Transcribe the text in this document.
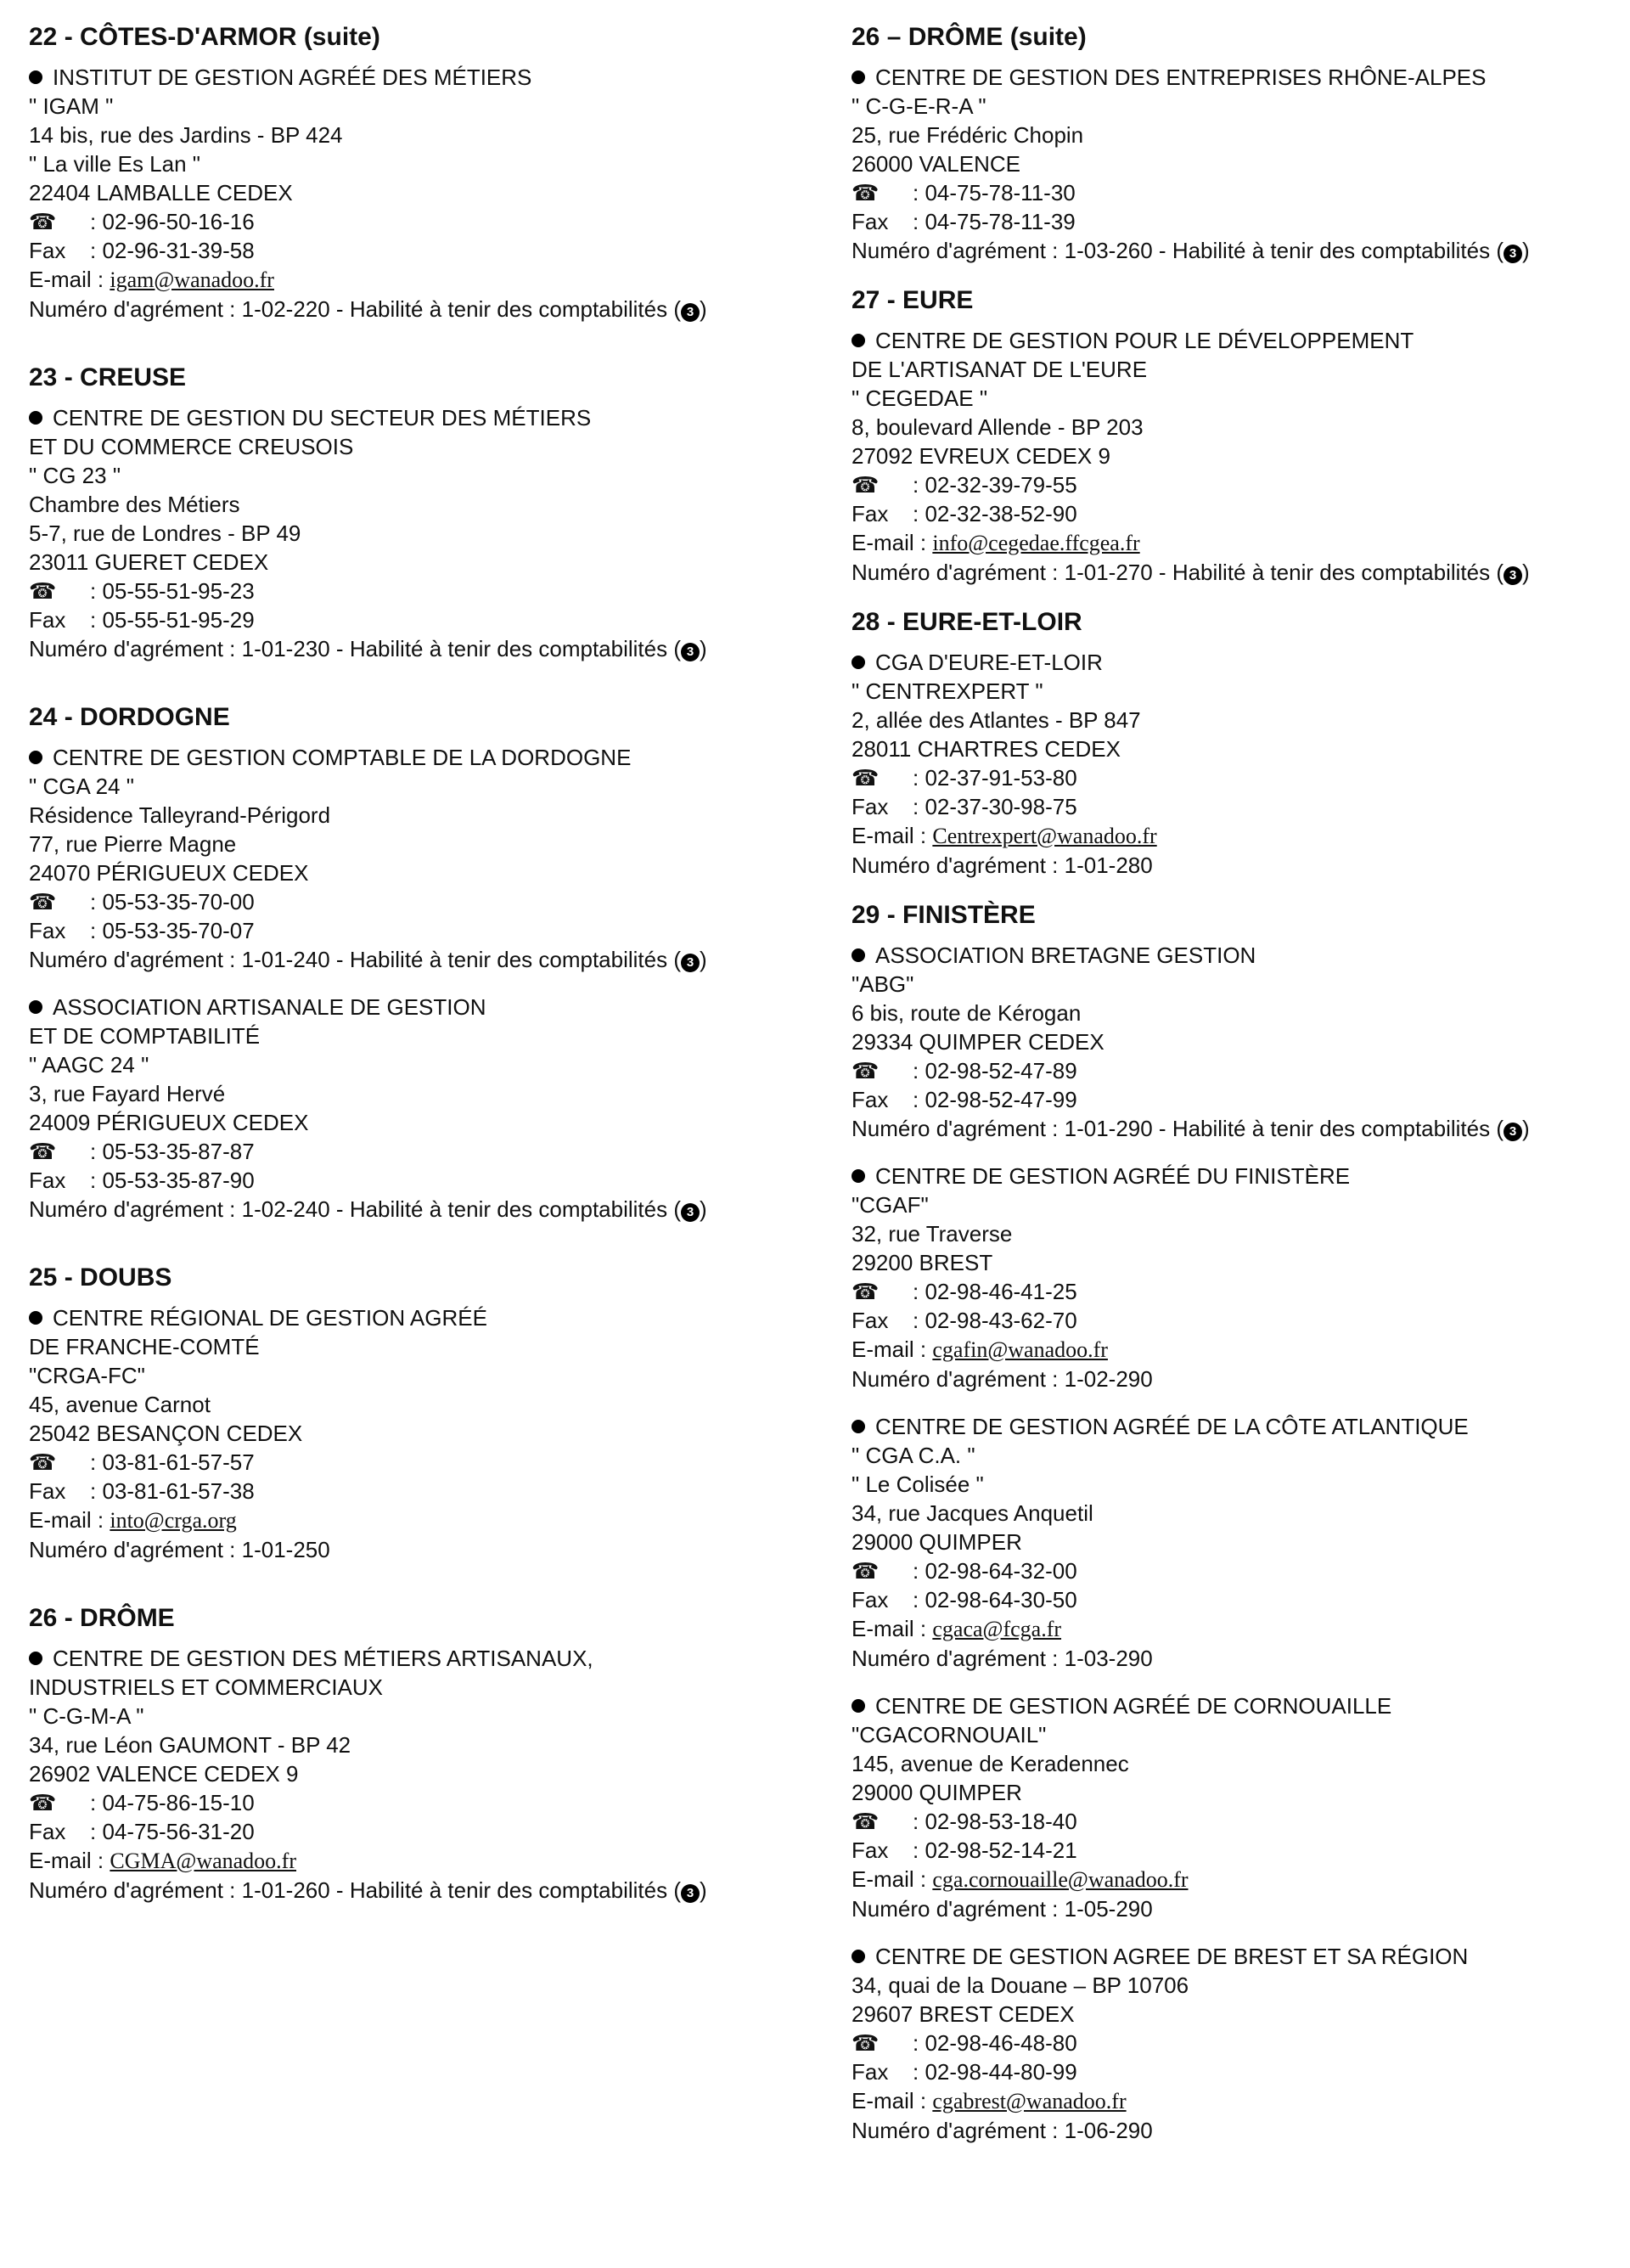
22 - CÔTES-D'ARMOR (suite)
INSTITUT DE GESTION AGRÉÉ DES MÉTIERS
" IGAM "
14 bis, rue des Jardins - BP 424
" La ville Es Lan "
22404 LAMBALLE CEDEX
☎ : 02-96-50-16-16
Fax : 02-96-31-39-58
E-mail : igam@wanadoo.fr
Numéro d'agrément : 1-02-220 - Habilité à tenir des comptabilités ( 3 )
23 - CREUSE
CENTRE DE GESTION DU SECTEUR DES MÉTIERS
ET DU COMMERCE CREUSOIS
" CG 23 "
Chambre des Métiers
5-7, rue de Londres - BP 49
23011 GUERET CEDEX
☎ : 05-55-51-95-23
Fax : 05-55-51-95-29
Numéro d'agrément : 1-01-230 - Habilité à tenir des comptabilités ( 3 )
24 - DORDOGNE
CENTRE DE GESTION COMPTABLE DE LA DORDOGNE
" CGA 24 "
Résidence Talleyrand-Périgord
77, rue Pierre Magne
24070 PÉRIGUEUX CEDEX
☎ : 05-53-35-70-00
Fax : 05-53-35-70-07
Numéro d'agrément : 1-01-240 - Habilité à tenir des comptabilités ( 3 )
ASSOCIATION ARTISANALE DE GESTION
ET DE COMPTABILITÉ
" AAGC 24 "
3, rue Fayard Hervé
24009 PÉRIGUEUX CEDEX
☎ : 05-53-35-87-87
Fax : 05-53-35-87-90
Numéro d'agrément : 1-02-240 - Habilité à tenir des comptabilités ( 3 )
25 - DOUBS
CENTRE RÉGIONAL DE GESTION AGRÉÉ
DE FRANCHE-COMTÉ
"CRGA-FC"
45, avenue Carnot
25042 BESANÇON CEDEX
☎ : 03-81-61-57-57
Fax : 03-81-61-57-38
E-mail : into@crga.org
Numéro d'agrément : 1-01-250
26 - DRÔME
CENTRE DE GESTION DES MÉTIERS ARTISANAUX,
INDUSTRIELS ET COMMERCIAUX
" C-G-M-A "
34, rue Léon GAUMONT - BP 42
26902 VALENCE CEDEX 9
☎ : 04-75-86-15-10
Fax : 04-75-56-31-20
E-mail : CGMA@wanadoo.fr
Numéro d'agrément : 1-01-260 - Habilité à tenir des comptabilités ( 3 )
26 – DRÔME (suite)
CENTRE DE GESTION DES ENTREPRISES RHÔNE-ALPES
" C-G-E-R-A "
25, rue Frédéric Chopin
26000 VALENCE
☎ : 04-75-78-11-30
Fax : 04-75-78-11-39
Numéro d'agrément : 1-03-260 - Habilité à tenir des comptabilités ( 3 )
27 - EURE
CENTRE DE GESTION POUR LE DÉVELOPPEMENT
DE L'ARTISANAT DE L'EURE
" CEGEDAE "
8, boulevard Allende - BP 203
27092 EVREUX CEDEX 9
☎ : 02-32-39-79-55
Fax : 02-32-38-52-90
E-mail : info@cegedae.ffcgea.fr
Numéro d'agrément : 1-01-270 - Habilité à tenir des comptabilités ( 3 )
28 - EURE-ET-LOIR
CGA D'EURE-ET-LOIR
" CENTREXPERT "
2, allée des Atlantes - BP 847
28011 CHARTRES CEDEX
☎ : 02-37-91-53-80
Fax : 02-37-30-98-75
E-mail : Centrexpert@wanadoo.fr
Numéro d'agrément : 1-01-280
29 - FINISTÈRE
ASSOCIATION BRETAGNE GESTION
"ABG"
6 bis, route de Kérogan
29334 QUIMPER CEDEX
☎ : 02-98-52-47-89
Fax : 02-98-52-47-99
Numéro d'agrément : 1-01-290 - Habilité à tenir des comptabilités ( 3 )
CENTRE DE GESTION AGRÉÉ DU FINISTÈRE
"CGAF"
32, rue Traverse
29200 BREST
☎ : 02-98-46-41-25
Fax : 02-98-43-62-70
E-mail : cgafin@wanadoo.fr
Numéro d'agrément : 1-02-290
CENTRE DE GESTION AGRÉÉ DE LA CÔTE ATLANTIQUE
" CGA C.A. "
" Le Colisée "
34, rue Jacques Anquetil
29000 QUIMPER
☎ : 02-98-64-32-00
Fax : 02-98-64-30-50
E-mail : cgaca@fcga.fr
Numéro d'agrément : 1-03-290
CENTRE DE GESTION AGRÉÉ DE CORNOUAILLE
"CGACORNOUAIL"
145, avenue de Keradennec
29000 QUIMPER
☎ : 02-98-53-18-40
Fax : 02-98-52-14-21
E-mail : cga.cornouaille@wanadoo.fr
Numéro d'agrément : 1-05-290
CENTRE DE GESTION AGREE DE BREST ET SA RÉGION
34, quai de la Douane – BP 10706
29607 BREST CEDEX
☎ : 02-98-46-48-80
Fax : 02-98-44-80-99
E-mail : cgabrest@wanadoo.fr
Numéro d'agrément : 1-06-290
